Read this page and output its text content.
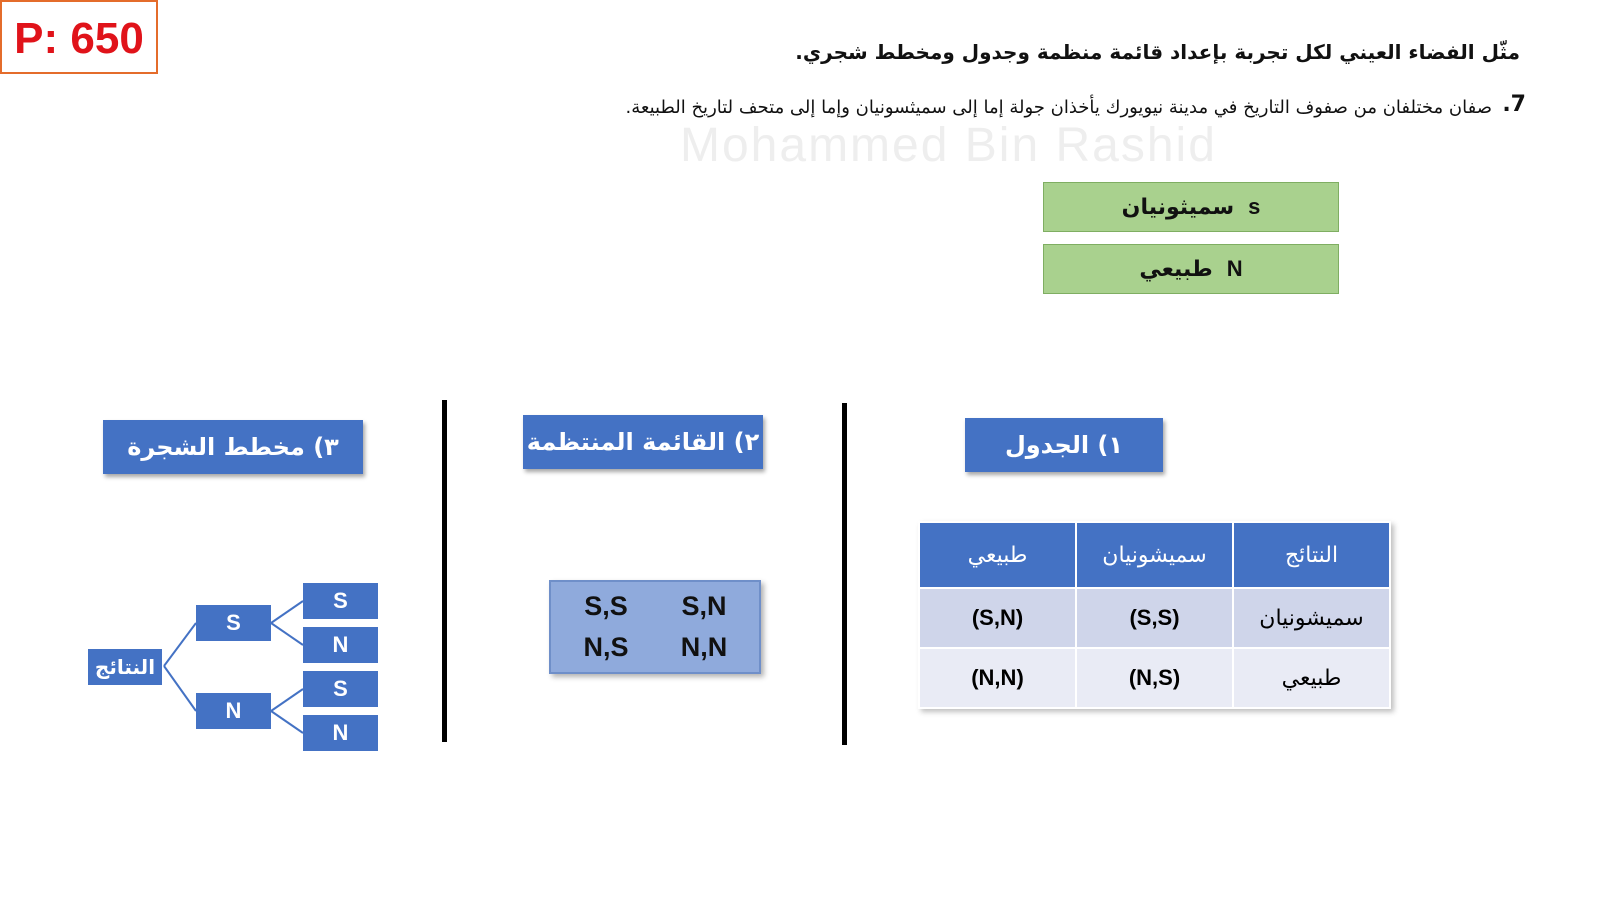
P: 650
Mohammed Bin Rashid
مثّل الفضاء العيني لكل تجربة بإعداد قائمة منظمة وجدول ومخطط شجري.
.7
صفان مختلفان من صفوف التاريخ في مدينة نيويورك يأخذان جولة إما إلى سميثسونيان وإما إلى متحف لتاريخ الطبيعة.
s
سميثونيان
N
طبيعي
١) الجدول
٢) القائمة المنتظمة
٣) مخطط الشجرة
النتائج	سميشونيان	طبيعي
سميشونيان	(S,S)	(S,N)
طبيعي	(N,S)	(N,N)
S,S S,N
N,S N,N
النتائج
S
N
S
N
S
N
